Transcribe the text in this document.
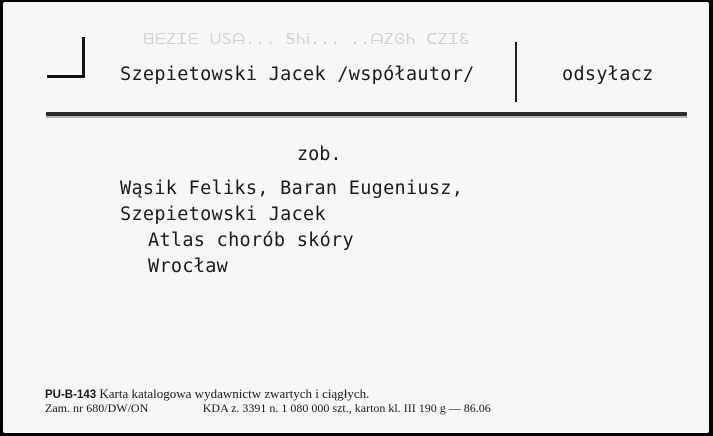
ᗺᗴᏃᏆᗴ ᑌᏚᗩ... ᎦᏂᎥ... ..ᗩᏃᎶᏂ ᑕᏃᏆᏋ
Szepietowski Jacek /współautor/	odsyłacz
zob.
Wąsik Feliks, Baran Eugeniusz,
Szepietowski Jacek
Atlas chorób skóry
Wrocław
PU-B-143 Karta katalogowa wydawnictw zwartych i ciągłych.
Zam. nr 680/DW/ON	KDA z. 3391 n. 1 080 000 szt., karton kl. III 190 g — 86.06
